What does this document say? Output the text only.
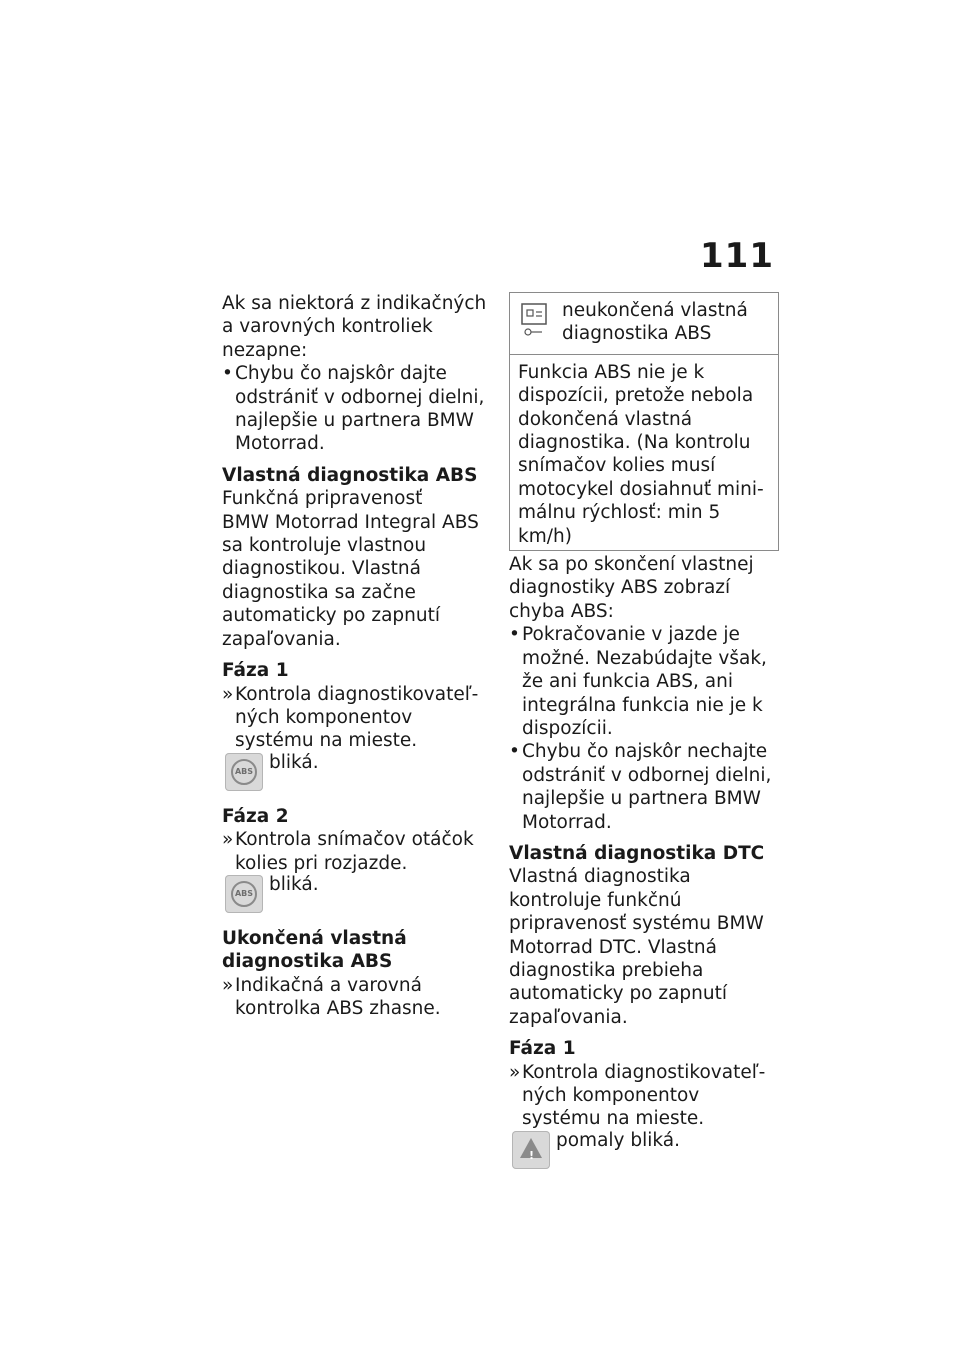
111

Ak sa niektorá z indikačných a varovných kontroliek nezapne:

• Chybu čo najskôr dajte odstrániť v odbornej dielni, najlepšie u partnera BMW Motorrad.

Vlastná diagnostika ABS

Funkčná pripravenosť

BMW Motorrad Integral ABS sa kontroluje vlastnou diagnostikou. Vlastná diagnostika sa začne automaticky po zapnutí zapaľovania.

Fáza 1

» Kontrola diagnostikovateľných komponentov systému na mieste.
ABS bliká.

Fáza 2

» Kontrola snímačov otáčok kolies pri rozjazde.
ABS bliká.

Ukončená vlastná diagnostika ABS

» Indikačná a varovná kontrolka ABS zhasne.
neukončená vlastná diagnostika ABS
Funkcia ABS nie je k dispozícii, pretože nebola dokončená vlastná diagnostika. (Na kontrolu snímačov kolies musí motocykel dosiahnuť minimálnu rýchlosť: min 5 km/h)

Ak sa po skončení vlastnej diagnostiky ABS zobrazí chyba ABS:

• Pokračovanie v jazde je možné. Nezabúdajte však, že ani funkcia ABS, ani integrálna funkcia nie je k dispozícii.
• Chybu čo najskôr nechajte odstrániť v odbornej dielni, najlepšie u partnera BMW Motorrad.

Vlastná diagnostika DTC

Vlastná diagnostika kontroluje funkčnú pripravenosť systému BMW Motorrad DTC. Vlastná diagnostika prebieha automaticky po zapnutí zapaľovania.

Fáza 1

» Kontrola diagnostikovateľných komponentov systému na mieste.
!
pomaly bliká.
